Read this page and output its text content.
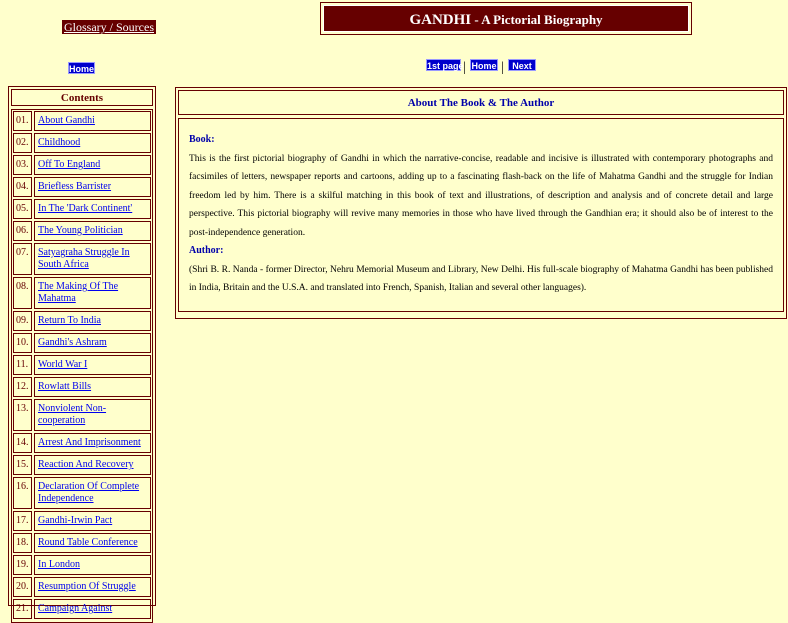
Glossary / Sources	GANDHI - A Pictorial Biography
Home	1st page | Home | Next
Contents
01. About Gandhi
02. Childhood
03. Off To England
04. Briefless Barrister
05. In The 'Dark Continent'
06. The Young Politician
07. Satyagraha Struggle In South Africa
08. The Making Of The Mahatma
09. Return To India
10. Gandhi's Ashram
11. World War I
12. Rowlatt Bills
13. Nonviolent Non-cooperation
14. Arrest And Imprisonment
15. Reaction And Recovery
16. Declaration Of Complete Independence
17. Gandhi-Irwin Pact
18. Round Table Conference
19. In London
20. Resumption Of Struggle
21. Campaign Against
About The Book & The Author
Book:

This is the first pictorial biography of Gandhi in which the narrative-concise, readable and incisive is illustrated with contemporary photographs and facsimiles of letters, newspaper reports and cartoons, adding up to a fascinating flash-back on the life of Mahatma Gandhi and the struggle for Indian freedom led by him. There is a skilful matching in this book of text and illustrations, of description and analysis and of concrete detail and large perspective. This pictorial biography will revive many memories in those who have lived through the Gandhian era; it should also be of interest to the post-independence generation.

Author:

(Shri B. R. Nanda - former Director, Nehru Memorial Museum and Library, New Delhi. His full-scale biography of Mahatma Gandhi has been published in India, Britain and the U.S.A. and translated into French, Spanish, Italian and several other languages).
